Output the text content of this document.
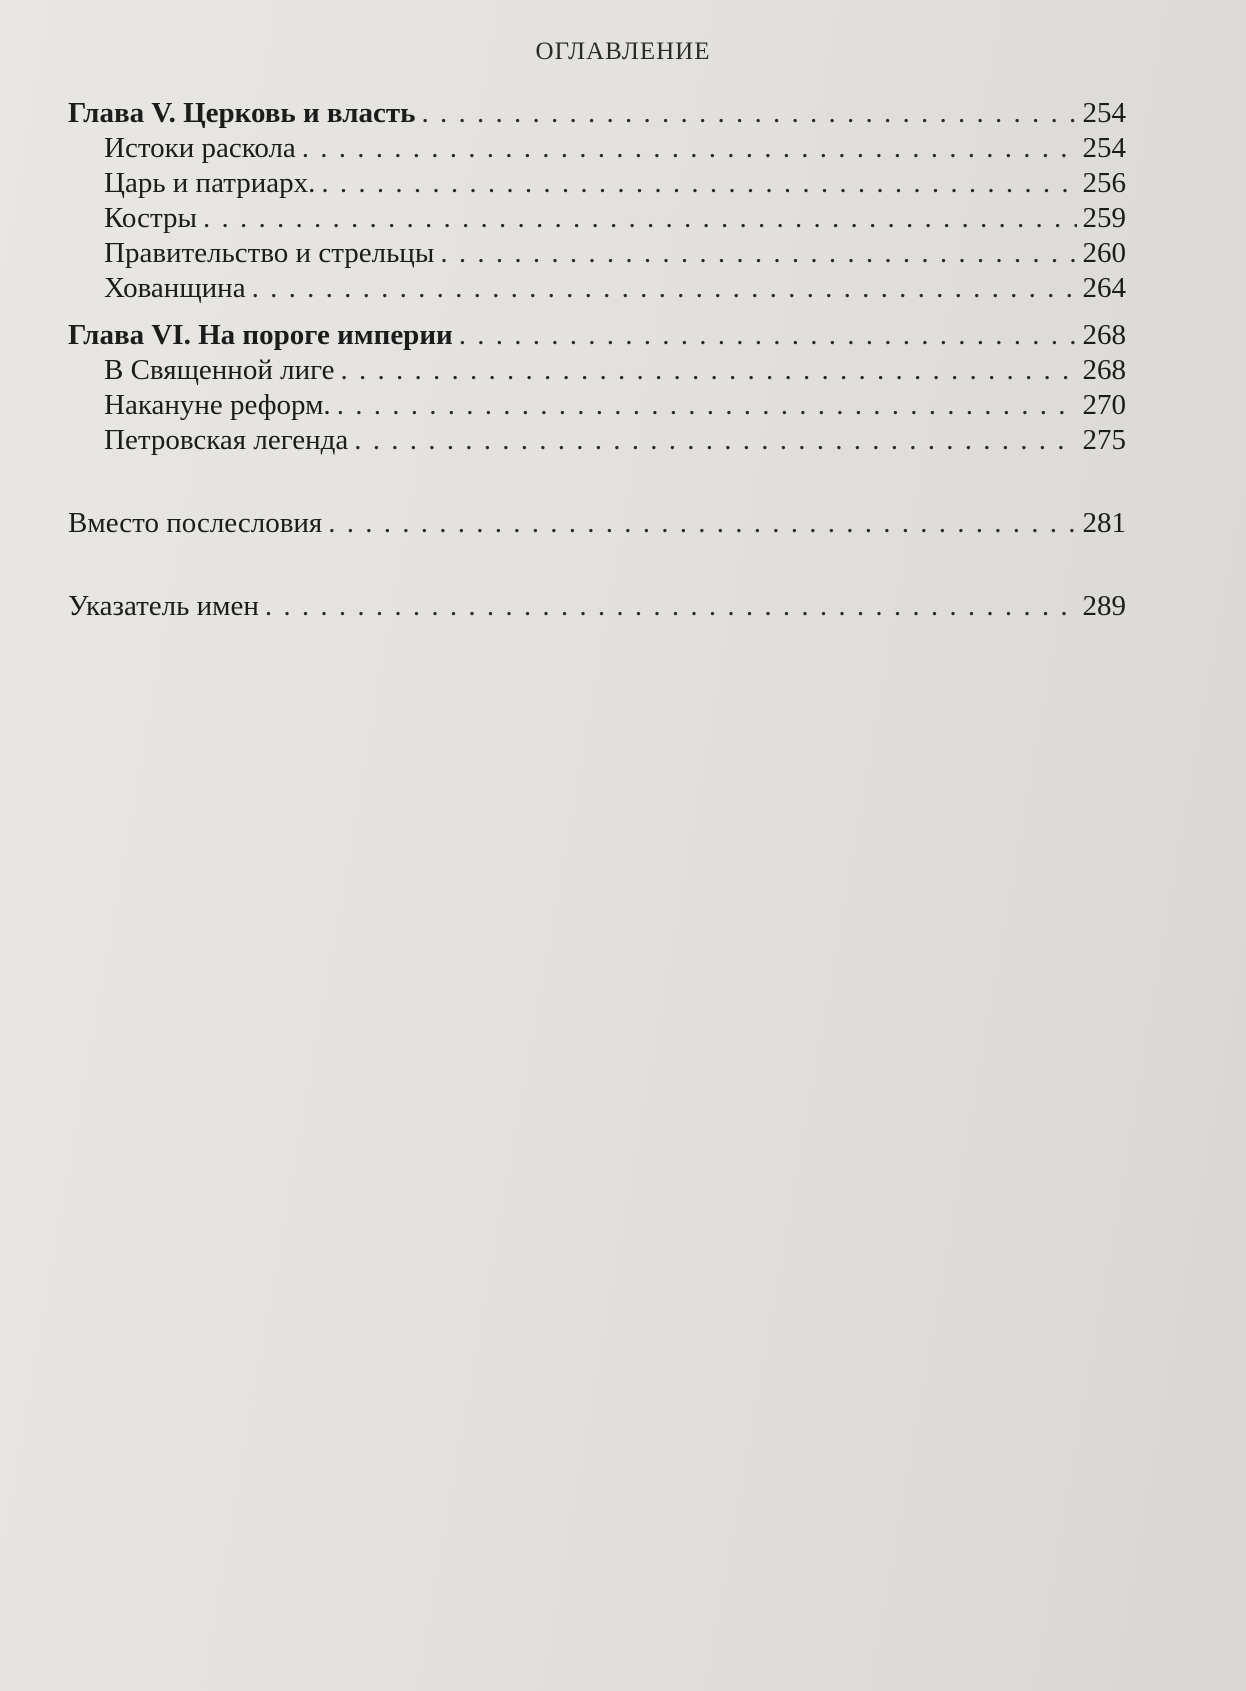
ОГЛАВЛЕНИЕ
Глава V. Церковь и власть . . .	254
Истоки раскола . . .	254
Царь и патриарх. . . .	256
Костры . . .	259
Правительство и стрельцы . . .	260
Хованщина . . .	264
Глава VI. На пороге империи . . .	268
В Священной лиге . . .	268
Накануне реформ. . . .	270
Петровская легенда . . .	275
Вместо послесловия . . .	281
Указатель имен . . .	289
